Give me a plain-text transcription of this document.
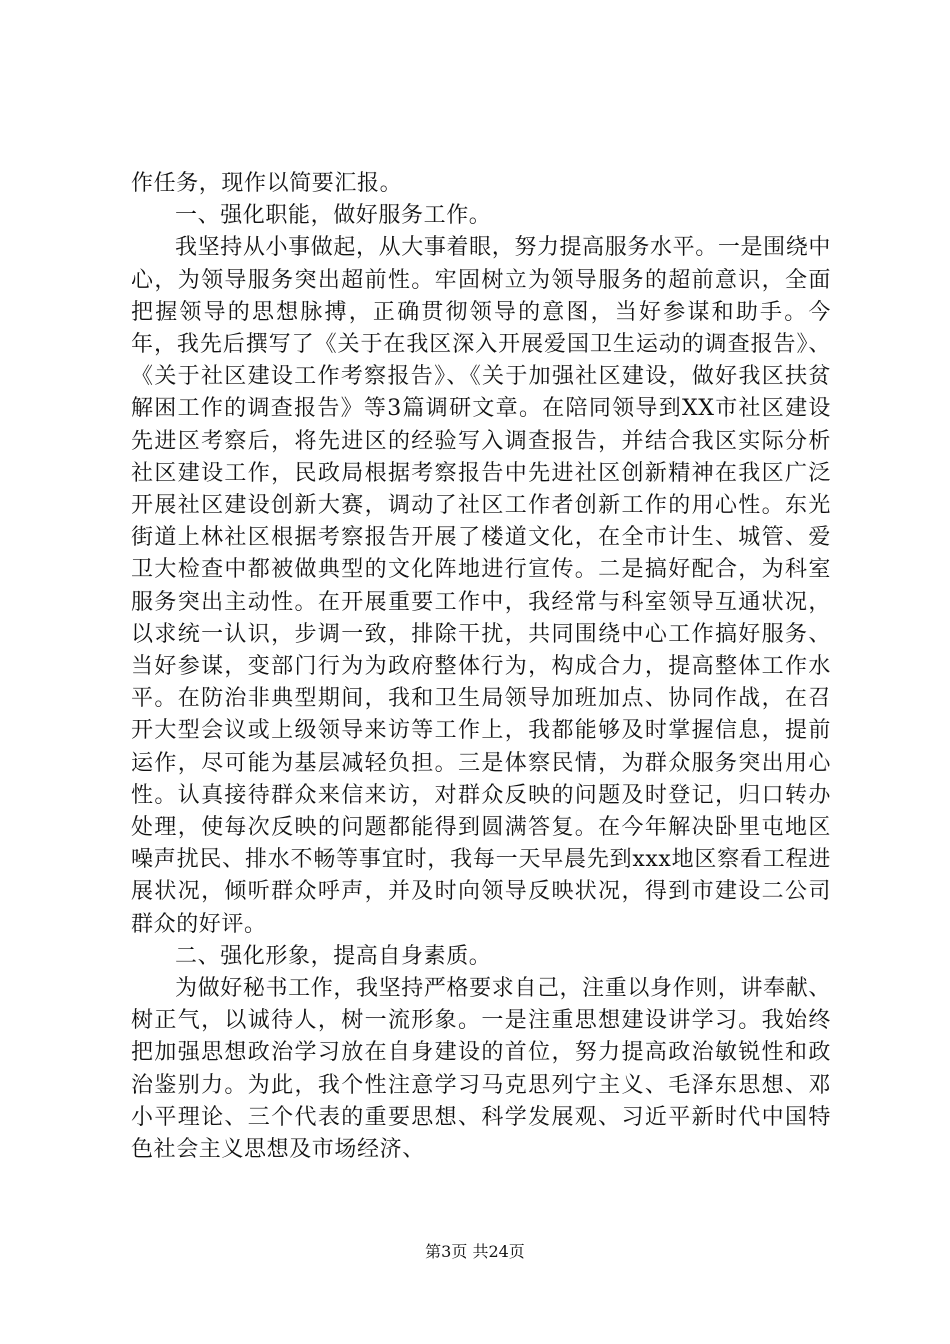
作任务，现作以简要汇报。

一、强化职能，做好服务工作。

我坚持从小事做起，从大事着眼，努力提高服务水平。一是围绕中心，为领导服务突出超前性。牢固树立为领导服务的超前意识，全面把握领导的思想脉搏，正确贯彻领导的意图，当好参谋和助手。今年，我先后撰写了《关于在我区深入开展爱国卫生运动的调查报告》、《关于社区建设工作考察报告》、《关于加强社区建设，做好我区扶贫解困工作的调查报告》等3篇调研文章。在陪同领导到XX市社区建设先进区考察后，将先进区的经验写入调查报告，并结合我区实际分析社区建设工作，民政局根据考察报告中先进社区创新精神在我区广泛开展社区建设创新大赛，调动了社区工作者创新工作的用心性。东光街道上林社区根据考察报告开展了楼道文化，在全市计生、城管、爱卫大检查中都被做典型的文化阵地进行宣传。二是搞好配合，为科室服务突出主动性。在开展重要工作中，我经常与科室领导互通状况，以求统一认识，步调一致，排除干扰，共同围绕中心工作搞好服务、当好参谋，变部门行为为政府整体行为，构成合力，提高整体工作水平。在防治非典型期间，我和卫生局领导加班加点、协同作战，在召开大型会议或上级领导来访等工作上，我都能够及时掌握信息，提前运作，尽可能为基层减轻负担。三是体察民情，为群众服务突出用心性。认真接待群众来信来访，对群众反映的问题及时登记，归口转办处理，使每次反映的问题都能得到圆满答复。在今年解决卧里屯地区噪声扰民、排水不畅等事宜时，我每一天早晨先到xxx地区察看工程进展状况，倾听群众呼声，并及时向领导反映状况，得到市建设二公司群众的好评。

二、强化形象，提高自身素质。

为做好秘书工作，我坚持严格要求自己，注重以身作则，讲奉献、树正气，以诚待人，树一流形象。一是注重思想建设讲学习。我始终把加强思想政治学习放在自身建设的首位，努力提高政治敏锐性和政治鉴别力。为此，我个性注意学习马克思列宁主义、毛泽东思想、邓小平理论、三个代表的重要思想、科学发展观、习近平新时代中国特色社会主义思想及市场经济、

第3页 共24页
